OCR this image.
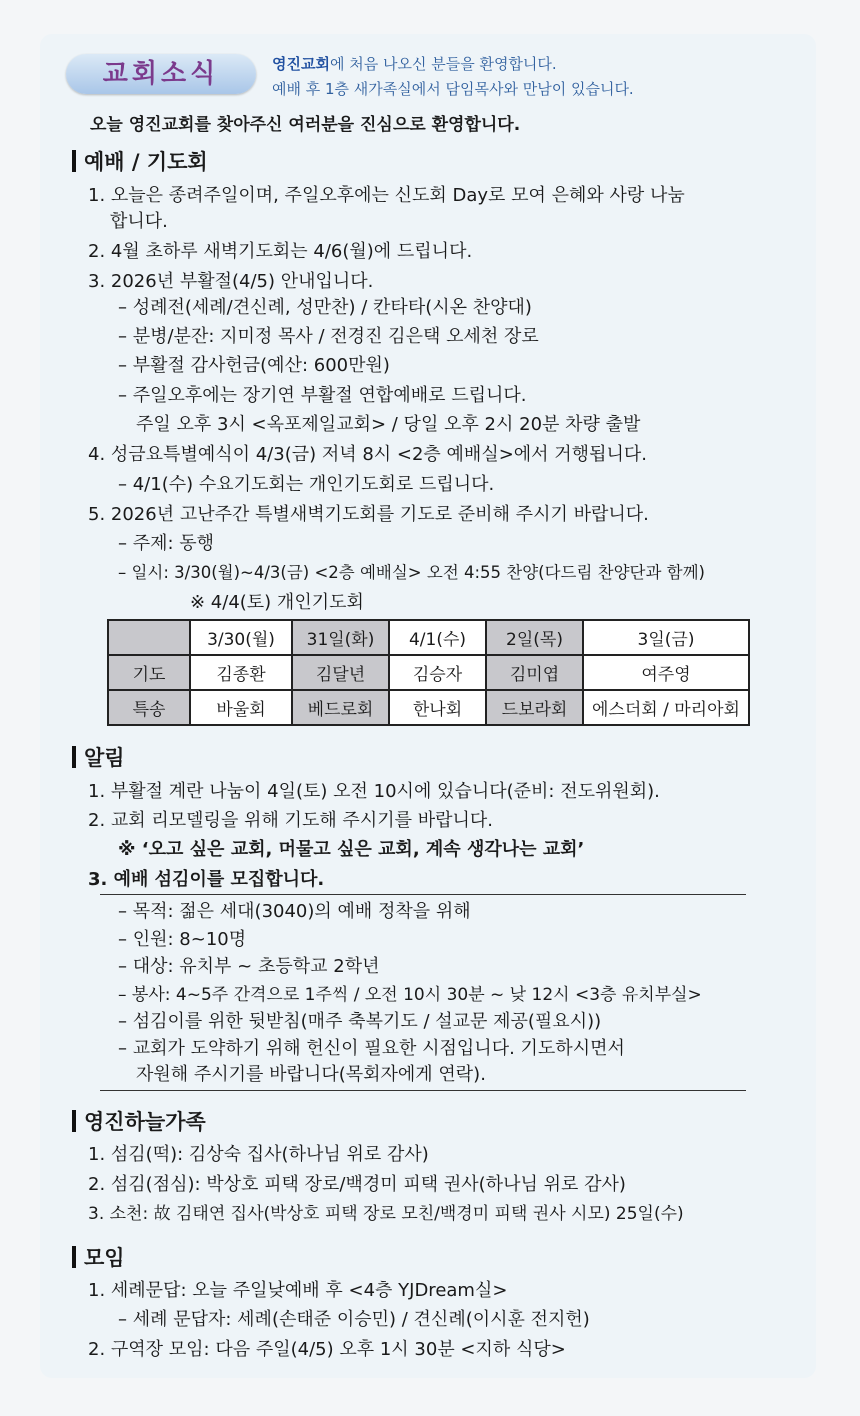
교회소식	영진교회에 처음 나오신 분들을 환영합니다.
예배 후 1층 새가족실에서 담임목사와 만남이 있습니다.
오늘 영진교회를 찾아주신 여러분을 진심으로 환영합니다.
예배 / 기도회
1. 오늘은 종려주일이며, 주일오후에는 신도회 Day로 모여 은혜와 사랑 나눔
합니다.
2. 4월 초하루 새벽기도회는 4/6(월)에 드립니다.
3. 2026년 부활절(4/5) 안내입니다.
– 성례전(세례/견신례, 성만찬) / 칸타타(시온 찬양대)
– 분병/분잔: 지미정 목사 / 전경진 김은택 오세천 장로
– 부활절 감사헌금(예산: 600만원)
– 주일오후에는 장기연 부활절 연합예배로 드립니다.
주일 오후 3시 <옥포제일교회> / 당일 오후 2시 20분 차량 출발
4. 성금요특별예식이 4/3(금) 저녁 8시 <2층 예배실>에서 거행됩니다.
– 4/1(수) 수요기도회는 개인기도회로 드립니다.
5. 2026년 고난주간 특별새벽기도회를 기도로 준비해 주시기 바랍니다.
– 주제: 동행
– 일시: 3/30(월)~4/3(금) <2층 예배실> 오전 4:55 찬양(다드림 찬양단과 함께)
※ 4/4(토) 개인기도회
	3/30(월)	31일(화)	4/1(수)	2일(목)	3일(금)
기도	김종환	김달년	김승자	김미엽	여주영
특송	바울회	베드로회	한나회	드보라회	에스더회 / 마리아회
알림
1. 부활절 계란 나눔이 4일(토) 오전 10시에 있습니다(준비: 전도위원회).
2. 교회 리모델링을 위해 기도해 주시기를 바랍니다.
※ ‘오고 싶은 교회, 머물고 싶은 교회, 계속 생각나는 교회’
3. 예배 섬김이를 모집합니다.
– 목적: 젊은 세대(3040)의 예배 정착을 위해
– 인원: 8~10명
– 대상: 유치부 ~ 초등학교 2학년
– 봉사: 4~5주 간격으로 1주씩 / 오전 10시 30분 ~ 낮 12시 <3층 유치부실>
– 섬김이를 위한 뒷받침(매주 축복기도 / 설교문 제공(필요시))
– 교회가 도약하기 위해 헌신이 필요한 시점입니다. 기도하시면서
자원해 주시기를 바랍니다(목회자에게 연락).
영진하늘가족
1. 섬김(떡): 김상숙 집사(하나님 위로 감사)
2. 섬김(점심): 박상호 피택 장로/백경미 피택 권사(하나님 위로 감사)
3. 소천: 故 김태연 집사(박상호 피택 장로 모친/백경미 피택 권사 시모) 25일(수)
모임
1. 세례문답: 오늘 주일낮예배 후 <4층 YJDream실>
– 세례 문답자: 세례(손태준 이승민) / 견신례(이시훈 전지헌)
2. 구역장 모임: 다음 주일(4/5) 오후 1시 30분 <지하 식당>
